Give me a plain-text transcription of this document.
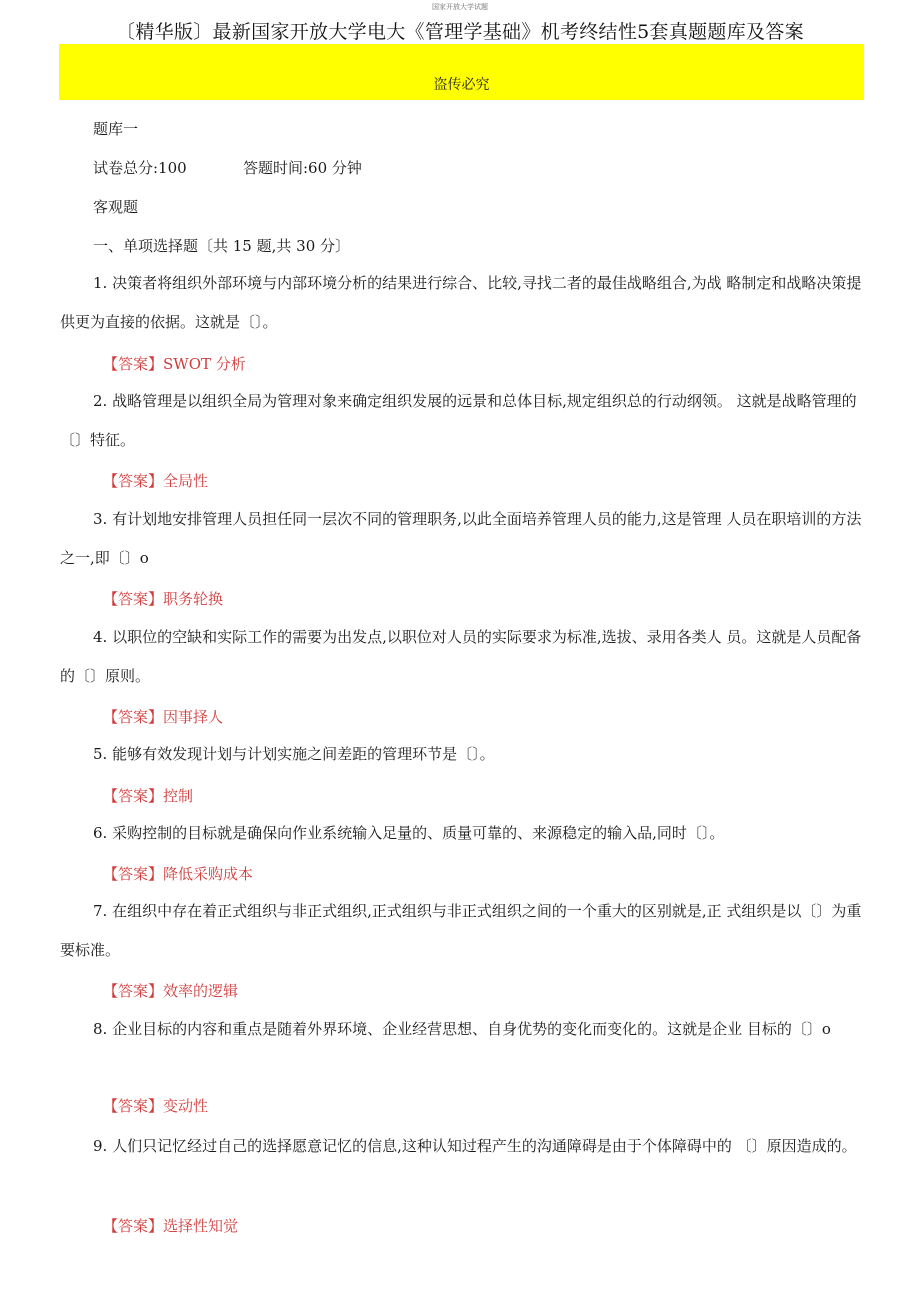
国家开放大学试题
〔精华版〕最新国家开放大学电大《管理学基础》机考终结性5套真题题库及答案
盗传必究
题库一
试卷总分:100	答题时间:60 分钟
客观题
一、单项选择题〔共 15 题,共 30 分〕
1. 决策者将组织外部环境与内部环境分析的结果进行综合、比较,寻找二者的最佳战略组合,为战 略制定和战略决策提供更为直接的依据。这就是〔〕。
【答案】SWOT 分析
2. 战略管理是以组织全局为管理对象来确定组织发展的远景和总体目标,规定组织总的行动纲领。 这就是战略管理的〔〕特征。
【答案】全局性
3. 有计划地安排管理人员担任同一层次不同的管理职务,以此全面培养管理人员的能力,这是管理 人员在职培训的方法之一,即〔〕o
【答案】职务轮换
4. 以职位的空缺和实际工作的需要为出发点,以职位对人员的实际要求为标准,选拔、录用各类人 员。这就是人员配备的〔〕原则。
【答案】因事择人
5. 能够有效发现计划与计划实施之间差距的管理环节是〔〕。
【答案】控制
6. 采购控制的目标就是确保向作业系统输入足量的、质量可靠的、来源稳定的输入品,同时〔〕。
【答案】降低采购成本
7. 在组织中存在着正式组织与非正式组织,正式组织与非正式组织之间的一个重大的区别就是,正 式组织是以〔〕为重要标准。
【答案】效率的逻辑
8. 企业目标的内容和重点是随着外界环境、企业经营思想、自身优势的变化而变化的。这就是企业 目标的〔〕o
【答案】变动性
9. 人们只记忆经过自己的选择愿意记忆的信息,这种认知过程产生的沟通障碍是由于个体障碍中的 〔〕原因造成的。
【答案】选择性知觉
